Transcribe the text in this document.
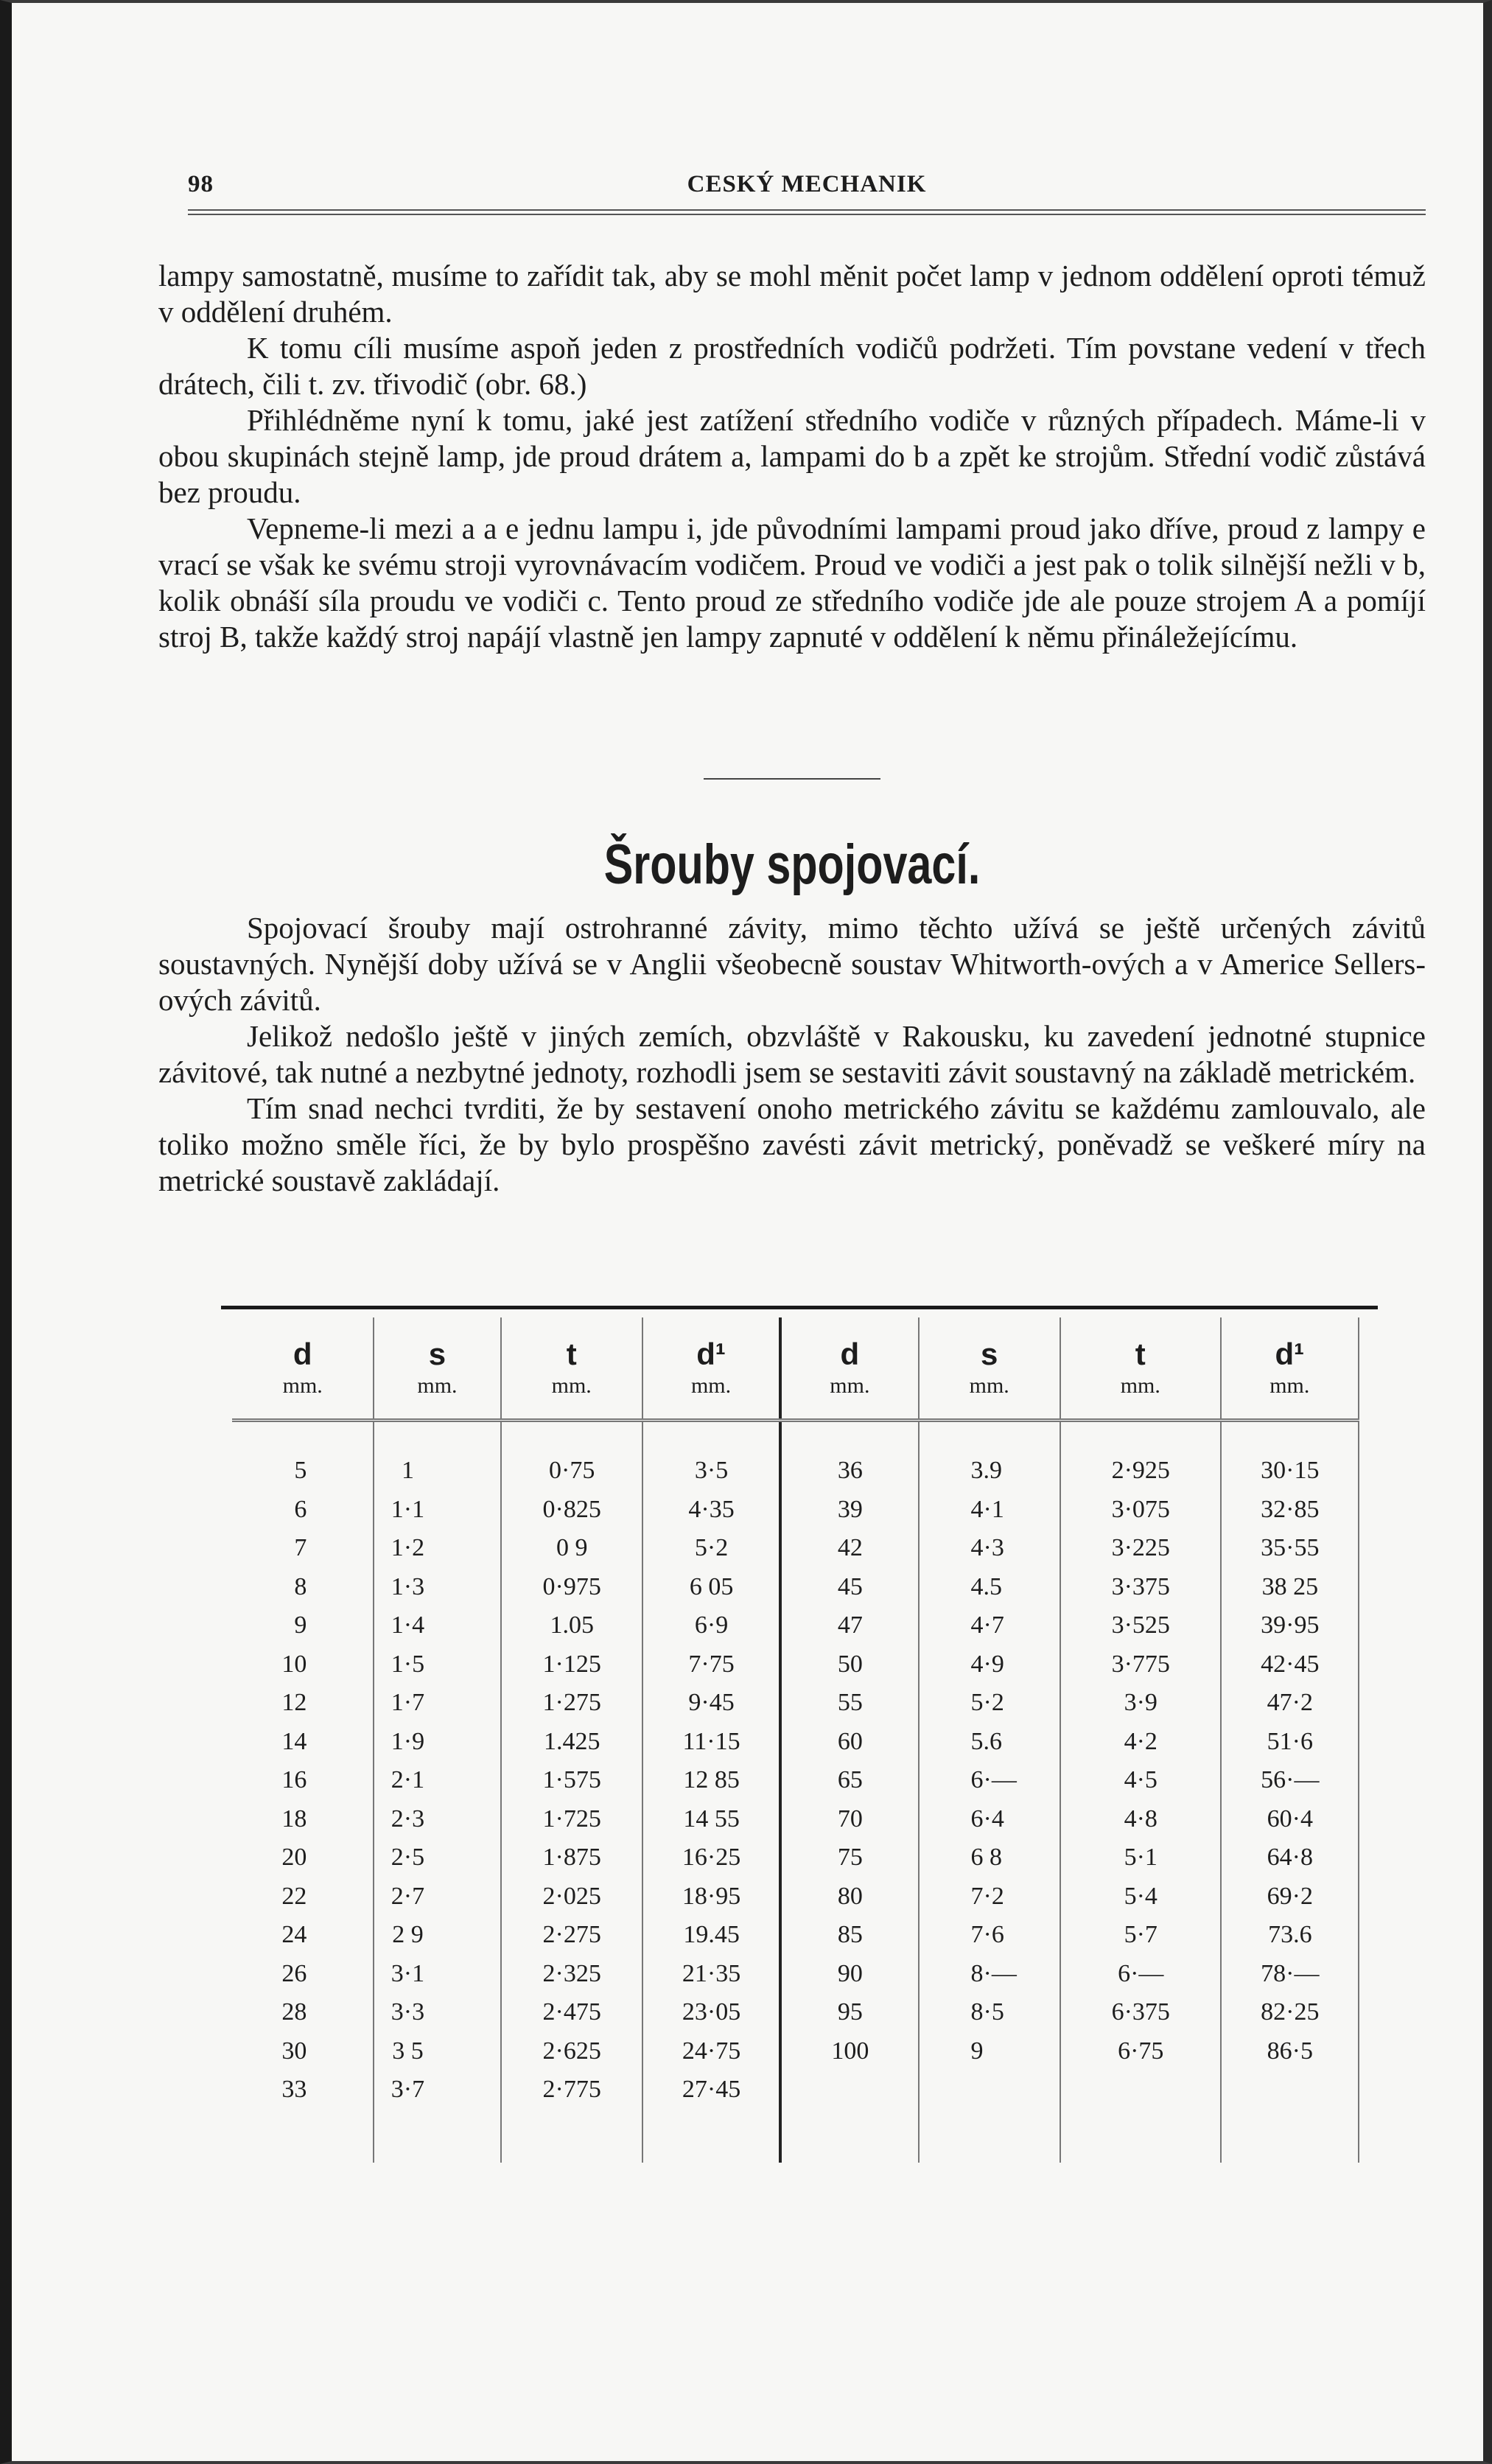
98	CESKÝ MECHANIK

lampy samostatně, musíme to zařídit tak, aby se mohl měnit počet lamp v jednom oddělení oproti témuž v oddělení druhém.

K tomu cíli musíme aspoň jeden z prostředních vodičů podržeti. Tím povstane vedení v třech drátech, čili t. zv. třivodič (obr. 68.)

Přihlédněme nyní k tomu, jaké jest zatížení středního vodiče v různých případech. Máme-li v obou skupinách stejně lamp, jde proud drátem a, lampami do b a zpět ke strojům. Střední vodič zůstává bez proudu.

Vepneme-li mezi a a e jednu lampu i, jde původními lampami proud jako dříve, proud z lampy e vrací se však ke svému stroji vyrovnávacím vodičem. Proud ve vodiči a jest pak o tolik silnější nežli v b, kolik obnáší síla proudu ve vodiči c. Tento proud ze středního vodiče jde ale pouze strojem A a pomíjí stroj B, takže každý stroj napájí vlastně jen lampy zapnuté v oddělení k němu přináležejícímu.

Šrouby spojovací.

Spojovací šrouby mají ostrohranné závity, mimo těchto užívá se ještě určených závitů soustavných. Nynější doby užívá se v Anglii všeobecně soustav Whitworth-ových a v Americe Sellers-ových závitů.

Jelikož nedošlo ještě v jiných zemích, obzvláště v Rakousku, ku zavedení jednotné stupnice závitové, tak nutné a nezbytné jednoty, rozhodli jsem se sestaviti závit soustavný na základě metrickém.

Tím snad nechci tvrditi, že by sestavení onoho metrického závitu se každému zamlouvalo, ale toliko možno směle říci, že by bylo prospěšno zavésti závit metrický, poněvadž se veškeré míry na metrické soustavě zakládají.

d	s	t	d¹	d	s	t	d¹
mm.	mm.	mm.	mm.	mm.	mm.	mm.	mm.

5	1	0·75	3·5	36	3.9	2·925	30·15
6	1·1	0·825	4·35	39	4·1	3·075	32·85
7	1·2	0 9	5·2	42	4·3	3·225	35·55
8	1·3	0·975	6 05	45	4.5	3·375	38 25
9	1·4	1.05	6·9	47	4·7	3·525	39·95
10	1·5	1·125	7·75	50	4·9	3·775	42·45
12	1·7	1·275	9·45	55	5·2	3·9	47·2
14	1·9	1.425	11·15	60	5.6	4·2	51·6
16	2·1	1·575	12 85	65	6·—	4·5	56·—
18	2·3	1·725	14 55	70	6·4	4·8	60·4
20	2·5	1·875	16·25	75	6 8	5·1	64·8
22	2·7	2·025	18·95	80	7·2	5·4	69·2
24	2 9	2·275	19.45	85	7·6	5·7	73.6
26	3·1	2·325	21·35	90	8·—	6·—	78·—
28	3·3	2·475	23·05	95	8·5	6·375	82·25
30	3 5	2·625	24·75	100	9	6·75	86·5
33	3·7	2·775	27·45				
